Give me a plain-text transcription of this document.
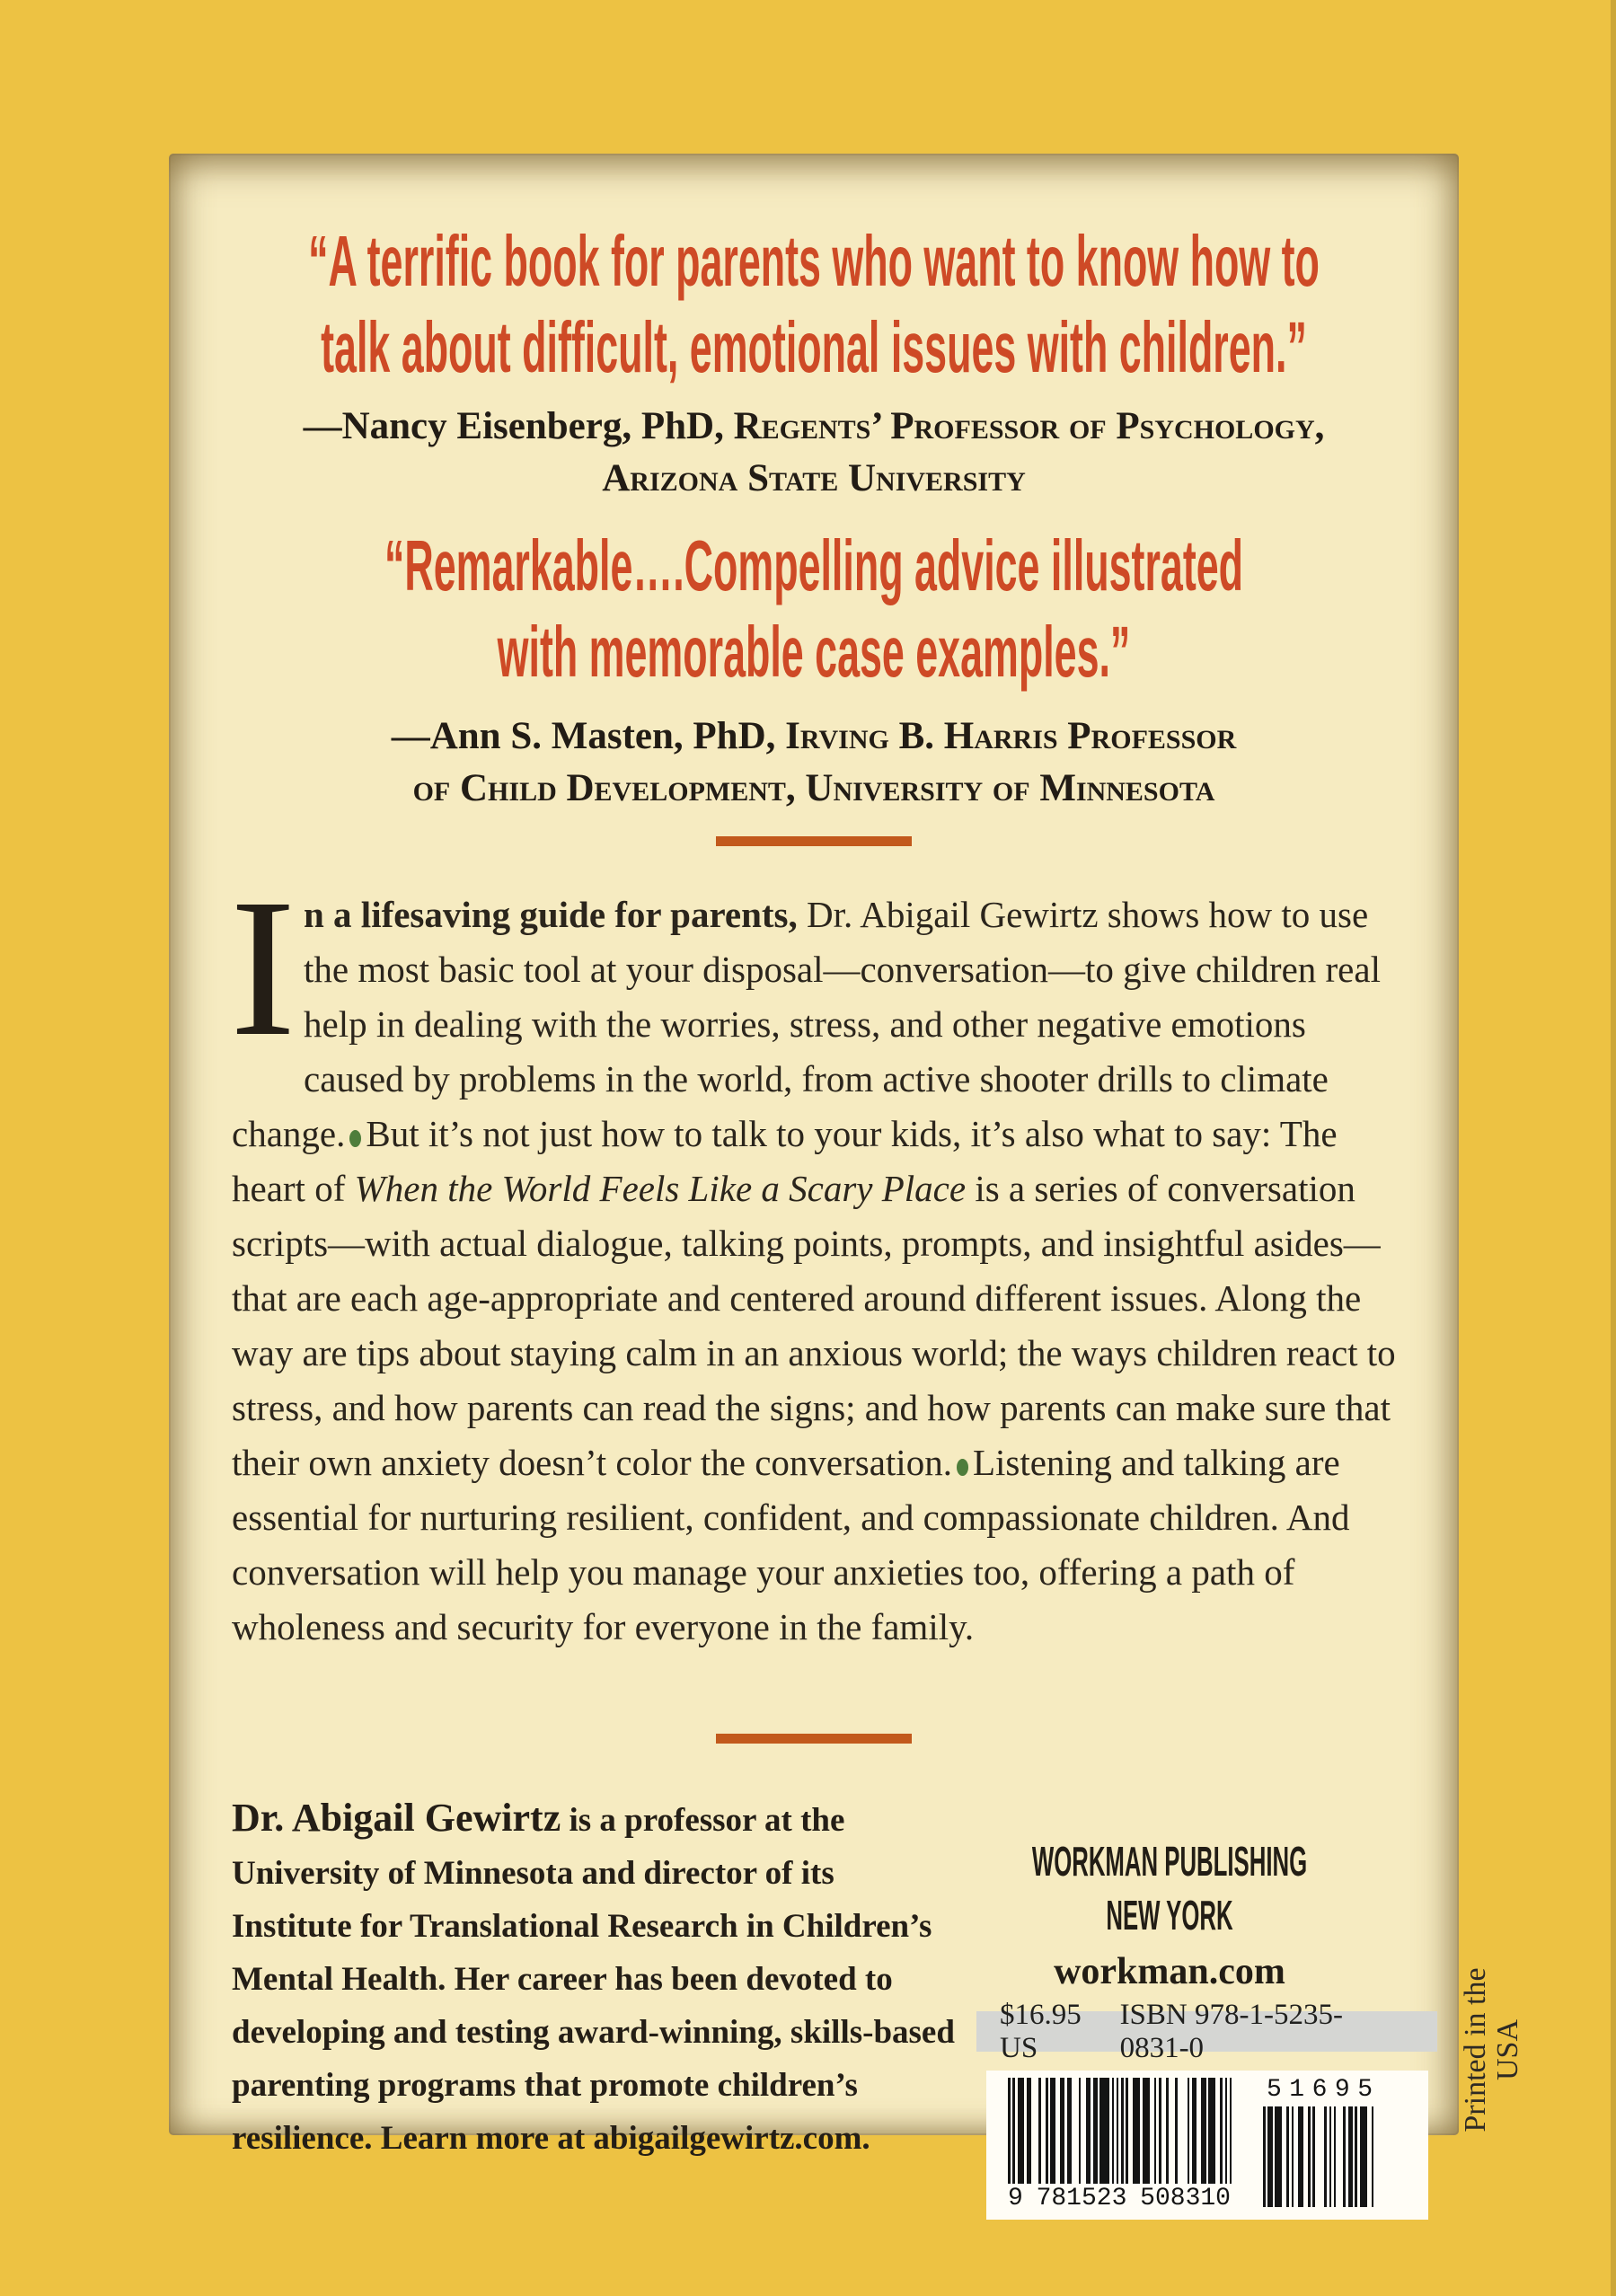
“A terrific book for parents who want to know how to
talk about difficult, emotional issues with children.”
—Nancy Eisenberg, PhD, Regents’ Professor of Psychology,
Arizona State University
“Remarkable….Compelling advice illustrated
with memorable case examples.”
—Ann S. Masten, PhD, Irving B. Harris Professor
of Child Development, University of Minnesota
I n a lifesaving guide for parents, Dr. Abigail Gewirtz shows how to use the most basic tool at your disposal—conversation—to give children real help in dealing with the worries, stress, and other negative emotions caused by problems in the world, from active shooter drills to climate change. But it’s not just how to talk to your kids, it’s also what to say: The heart of When the World Feels Like a Scary Place is a series of conversation scripts—with actual dialogue, talking points, prompts, and insightful asides—that are each age-appropriate and centered around different issues. Along the way are tips about staying calm in an anxious world; the ways children react to stress, and how parents can read the signs; and how parents can make sure that their own anxiety doesn’t color the conversation. Listening and talking are essential for nurturing resilient, confident, and compassionate children. And conversation will help you manage your anxieties too, offering a path of wholeness and security for everyone in the family.
Dr. Abigail Gewirtz is a professor at the University of Minnesota and director of its Institute for Translational Research in Children’s Mental Health. Her career has been devoted to developing and testing award-winning, skills-based parenting programs that promote children’s resilience. Learn more at abigailgewirtz.com.
WORKMAN PUBLISHING
NEW YORK
workman.com
$16.95 US
ISBN 978-1-5235-0831-0
9 781523 508310
5 1 6 9 5	Printed in the USA
